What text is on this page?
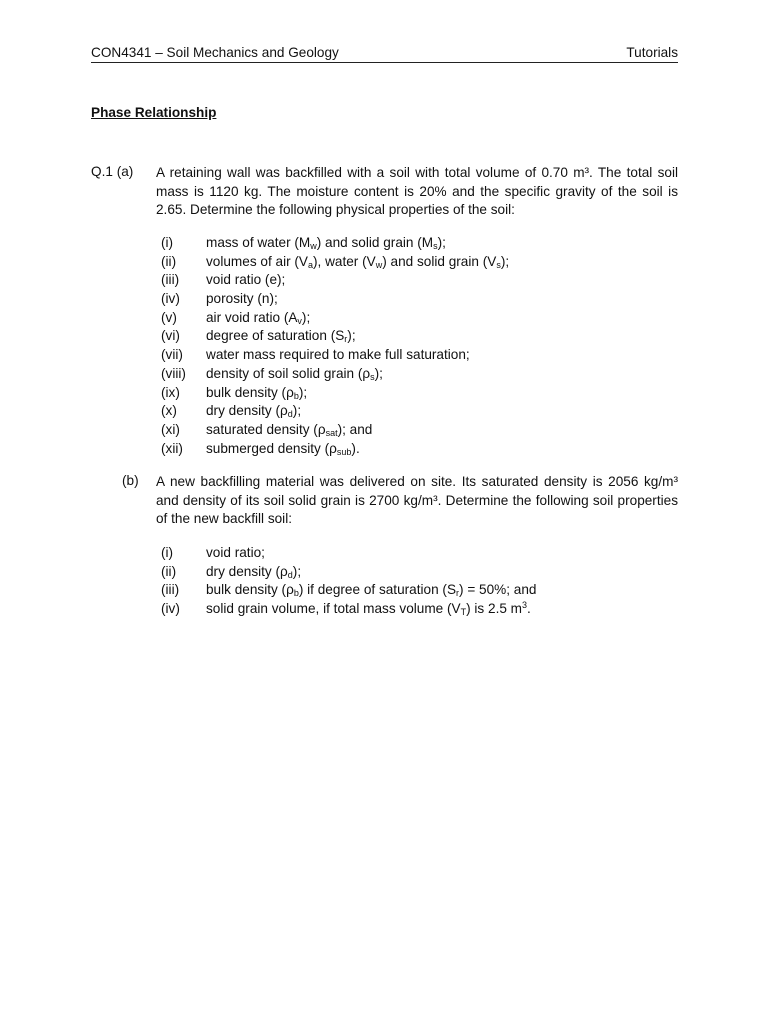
CON4341 – Soil Mechanics and Geology	Tutorials
Phase Relationship
Q.1 (a) A retaining wall was backfilled with a soil with total volume of 0.70 m³. The total soil mass is 1120 kg. The moisture content is 20% and the specific gravity of the soil is 2.65. Determine the following physical properties of the soil:
(i) mass of water $(M_w)$ and solid grain $(M_s)$;
(ii) volumes of air $(V_a)$, water $(V_w)$ and solid grain $(V_s)$;
(iii) void ratio (e);
(iv) porosity (n);
(v) air void ratio $(A_v)$;
(vi) degree of saturation $(S_r)$;
(vii) water mass required to make full saturation;
(viii) density of soil solid grain $(\rho_s)$;
(ix) bulk density $(\rho_b)$;
(x) dry density $(\rho_d)$;
(xi) saturated density $(\rho_{sat})$; and
(xii) submerged density $(\rho_{sub})$.
(b) A new backfilling material was delivered on site. Its saturated density is 2056 kg/m³ and density of its soil solid grain is 2700 kg/m³. Determine the following soil properties of the new backfill soil:
(i) void ratio;
(ii) dry density $(\rho_d)$;
(iii) bulk density $(\rho_b)$ if degree of saturation $(S_r) = 50\%$; and
(iv) solid grain volume, if total mass volume $(V_T)$ is 2.5 $m^3$.
